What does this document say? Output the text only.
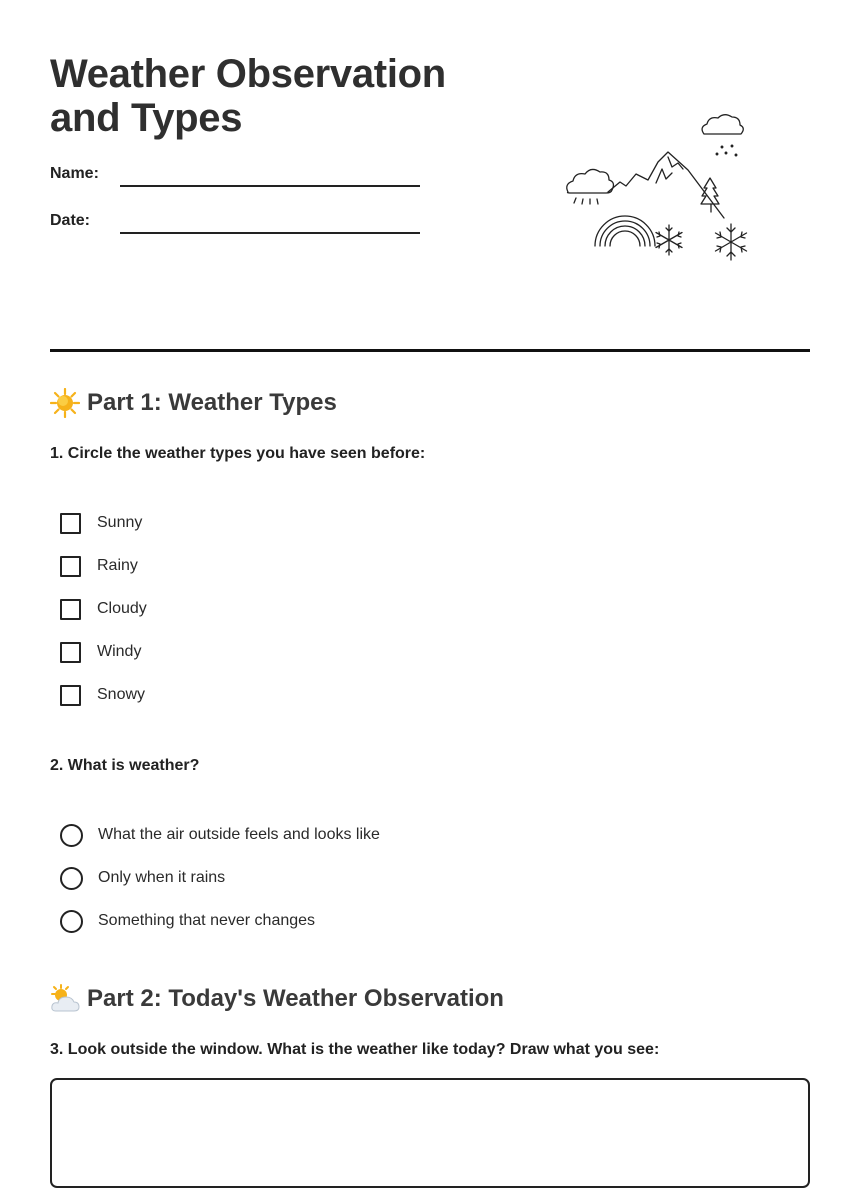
Weather Observation
and Types
Name:
Date:
Part 1: Weather Types
1. Circle the weather types you have seen before:
Sunny
Rainy
Cloudy
Windy
Snowy
2. What is weather?
What the air outside feels and looks like
Only when it rains
Something that never changes
Part 2: Today's Weather Observation
3. Look outside the window. What is the weather like today? Draw what you see:
